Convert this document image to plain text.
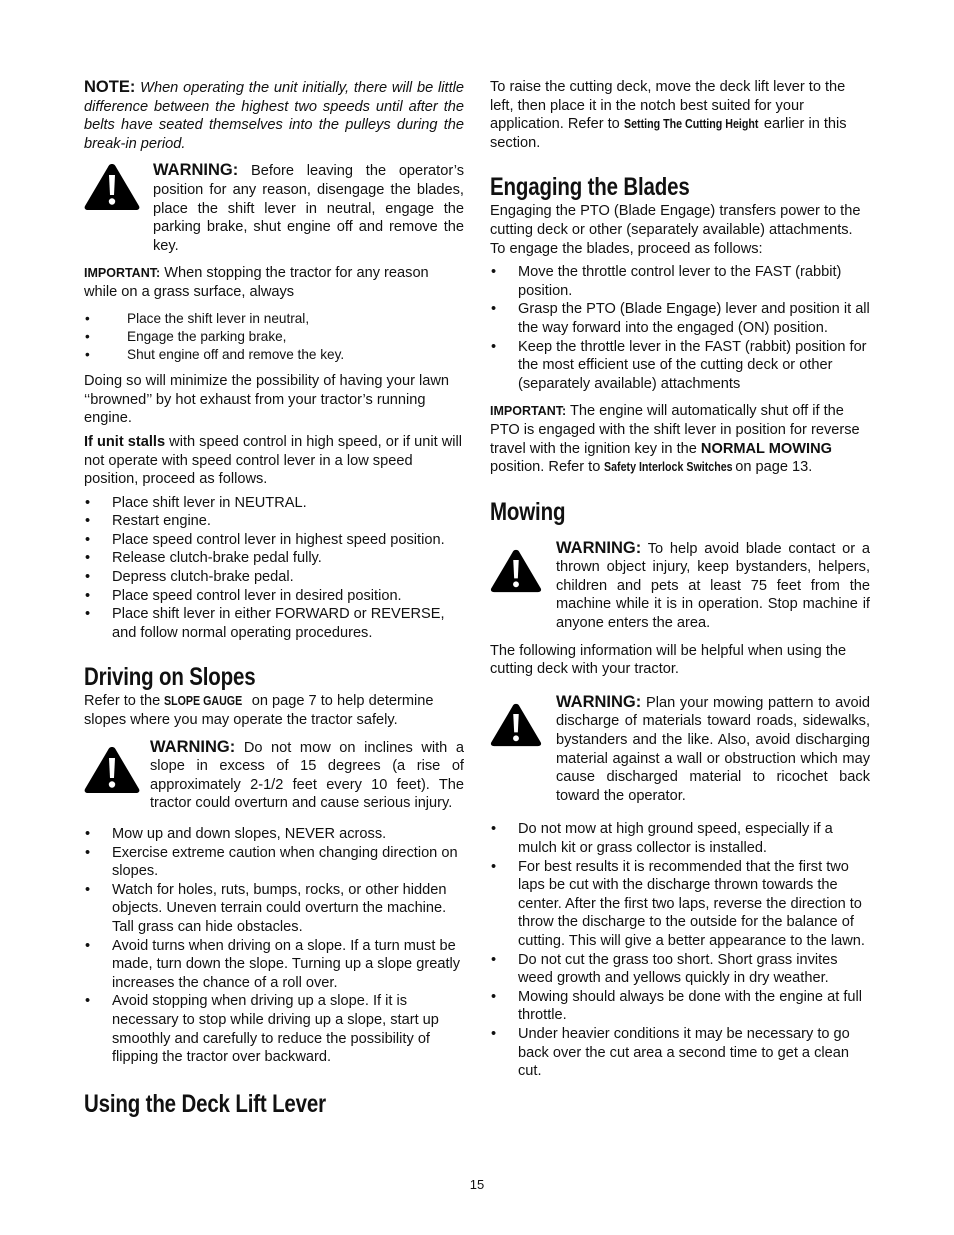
NOTE: When operating the unit initially, there will be little difference between the highest two speeds until after the belts have seated themselves into the pulleys during the break-in period.

WARNING: Before leaving the operator’s position for any reason, disengage the blades, place the shift lever in neutral, engage the parking brake, shut engine off and remove the key.

IMPORTANT: When stopping the tractor for any reason while on a grass surface, always

• Place the shift lever in neutral,
• Engage the parking brake,
• Shut engine off and remove the key.

Doing so will minimize the possibility of having your lawn ‘‘browned’’ by hot exhaust from your tractor’s running engine.

If unit stalls with speed control in high speed, or if unit will not operate with speed control lever in a low speed position, proceed as follows.

• Place shift lever in NEUTRAL.
• Restart engine.
• Place speed control lever in highest speed position.
• Release clutch-brake pedal fully.
• Depress clutch-brake pedal.
• Place speed control lever in desired position.
• Place shift lever in either FORWARD or REVERSE, and follow normal operating procedures.
Driving on Slopes

Refer to the SLOPE GAUGE on page 7 to help determine slopes where you may operate the tractor safely.

WARNING: Do not mow on inclines with a slope in excess of 15 degrees (a rise of approximately 2-1/2 feet every 10 feet). The tractor could overturn and cause serious injury.

• Mow up and down slopes, NEVER across.
• Exercise extreme caution when changing direction on slopes.
• Watch for holes, ruts, bumps, rocks, or other hidden objects. Uneven terrain could overturn the machine. Tall grass can hide obstacles.
• Avoid turns when driving on a slope. If a turn must be made, turn down the slope. Turning up a slope greatly increases the chance of a roll over.
• Avoid stopping when driving up a slope. If it is necessary to stop while driving up a slope, start up smoothly and carefully to reduce the possibility of flipping the tractor over backward.
Using the Deck Lift Lever

To raise the cutting deck, move the deck lift lever to the left, then place it in the notch best suited for your application. Refer to Setting The Cutting Height earlier in this section.

Engaging the Blades

Engaging the PTO (Blade Engage) transfers power to the cutting deck or other (separately available) attachments. To engage the blades, proceed as follows:

• Move the throttle control lever to the FAST (rabbit) position.
• Grasp the PTO (Blade Engage) lever and position it all the way forward into the engaged (ON) position.
• Keep the throttle lever in the FAST (rabbit) position for the most efficient use of the cutting deck or other (separately available) attachments

IMPORTANT: The engine will automatically shut off if the PTO is engaged with the shift lever in position for reverse travel with the ignition key in the NORMAL MOWING position. Refer to Safety Interlock Switches on page 13.

Mowing

WARNING: To help avoid blade contact or a thrown object injury, keep bystanders, helpers, children and pets at least 75 feet from the machine while it is in operation. Stop machine if anyone enters the area.

The following information will be helpful when using the cutting deck with your tractor.

WARNING: Plan your mowing pattern to avoid discharge of materials toward roads, sidewalks, bystanders and the like. Also, avoid discharging material against a wall or obstruction which may cause discharged material to ricochet back toward the operator.

• Do not mow at high ground speed, especially if a mulch kit or grass collector is installed.
• For best results it is recommended that the first two laps be cut with the discharge thrown towards the center. After the first two laps, reverse the direction to throw the discharge to the outside for the balance of cutting. This will give a better appearance to the lawn.
• Do not cut the grass too short. Short grass invites weed growth and yellows quickly in dry weather.
• Mowing should always be done with the engine at full throttle.
• Under heavier conditions it may be necessary to go back over the cut area a second time to get a clean cut.
15
